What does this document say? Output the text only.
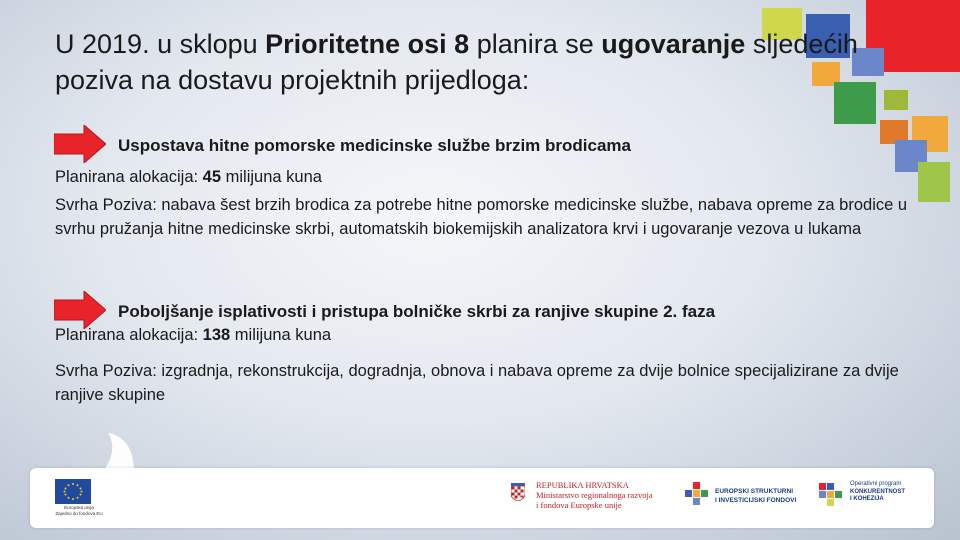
U 2019. u sklopu Prioritetne osi 8 planira se ugovaranje sljedećih poziva na dostavu projektnih prijedloga:
Uspostava hitne pomorske medicinske službe brzim brodicama
Planirana alokacija: 45 milijuna kuna
Svrha Poziva: nabava šest brzih brodica za potrebe hitne pomorske medicinske službe, nabava opreme za brodice u svrhu pružanja hitne medicinske skrbi, automatskih biokemijskih analizatora krvi i ugovaranje vezova u lukama
Poboljšanje isplativosti i pristupa bolničke skrbi za ranjive skupine 2. faza
Planirana alokacija: 138 milijuna kuna
Svrha Poziva: izgradnja, rekonstrukcija, dogradnja, obnova i nabava opreme za dvije bolnice specijalizirane za dvije ranjive skupine
Europska unija
Zajedno do fondova EU
REPUBLIKA HRVATSKA
Ministarstvo regionalnoga razvoja
i fondova Europske unije
EUROPSKI STRUKTURNI
I INVESTICIJSKI FONDOVI
Operativni program
KONKURENTNOST
I KOHEZIJA
